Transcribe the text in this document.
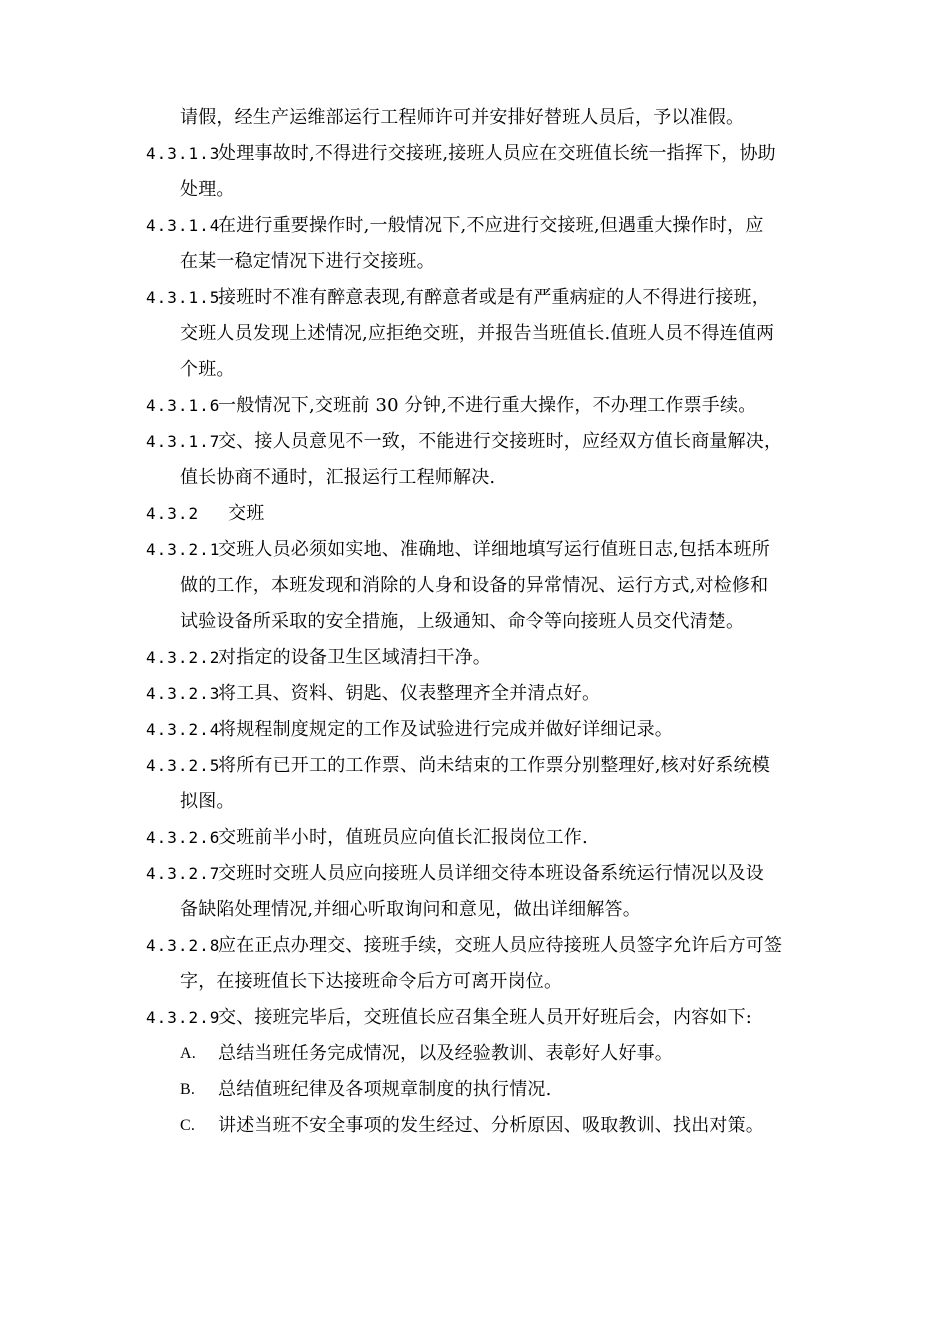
请假，经生产运维部运行工程师许可并安排好替班人员后，予以准假。
4.3.1.3
处理事故时,不得进行交接班,接班人员应在交班值长统一指挥下，协助
处理。
4.3.1.4
在进行重要操作时,一般情况下,不应进行交接班,但遇重大操作时，应
在某一稳定情况下进行交接班。
4.3.1.5
接班时不准有醉意表现,有醉意者或是有严重病症的人不得进行接班，
交班人员发现上述情况,应拒绝交班，并报告当班值长.值班人员不得连值两
个班。
4.3.1.6
一般情况下,交班前 30 分钟,不进行重大操作，不办理工作票手续。
4.3.1.7
交、接人员意见不一致，不能进行交接班时，应经双方值长商量解决，
值长协商不通时，汇报运行工程师解决.
4.3.2 交班
4.3.2.1
交班人员必须如实地、准确地、详细地填写运行值班日志,包括本班所
做的工作，本班发现和消除的人身和设备的异常情况、运行方式,对检修和
试验设备所采取的安全措施，上级通知、命令等向接班人员交代清楚。
4.3.2.2
对指定的设备卫生区域清扫干净。
4.3.2.3
将工具、资料、钥匙、仪表整理齐全并清点好。
4.3.2.4
将规程制度规定的工作及试验进行完成并做好详细记录。
4.3.2.5
将所有已开工的工作票、尚未结束的工作票分别整理好,核对好系统模
拟图。
4.3.2.6
交班前半小时，值班员应向值长汇报岗位工作.
4.3.2.7
交班时交班人员应向接班人员详细交待本班设备系统运行情况以及设
备缺陷处理情况,并细心听取询问和意见，做出详细解答。
4.3.2.8
应在正点办理交、接班手续，交班人员应待接班人员签字允许后方可签
字，在接班值长下达接班命令后方可离开岗位。
4.3.2.9
交、接班完毕后，交班值长应召集全班人员开好班后会，内容如下:
A. 总结当班任务完成情况，以及经验教训、表彰好人好事。
B. 总结值班纪律及各项规章制度的执行情况.
C. 讲述当班不安全事项的发生经过、分析原因、吸取教训、找出对策。
